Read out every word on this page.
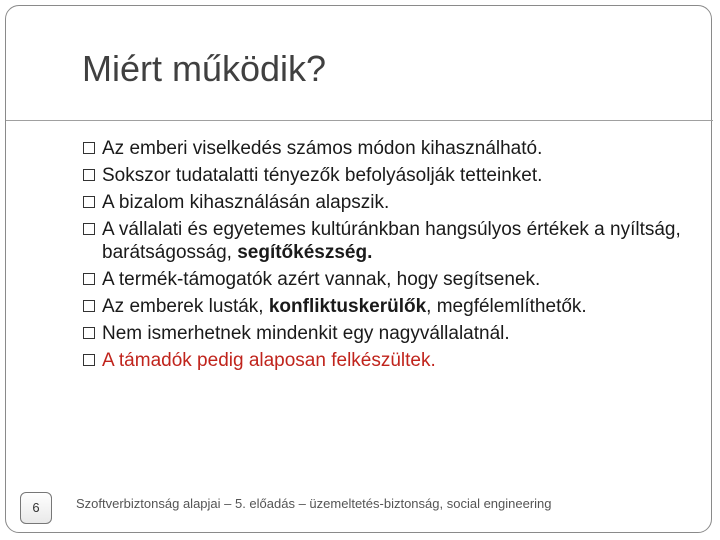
Miért működik?
Az emberi viselkedés számos módon kihasználható.
Sokszor tudatalatti tényezők befolyásolják tetteinket.
A bizalom kihasználásán alapszik.
A vállalati és egyetemes kultúránkban hangsúlyos értékek a nyíltság, barátságosság, segítőkészség.
A termék-támogatók azért vannak, hogy segítsenek.
Az emberek lusták, konfliktuskerülők, megfélemlíthetők.
Nem ismerhetnek mindenkit egy nagyvállalatnál.
A támadók pedig alaposan felkészültek.
6	Szoftverbiztonság alapjai – 5. előadás – üzemeltetés-biztonság, social engineering
